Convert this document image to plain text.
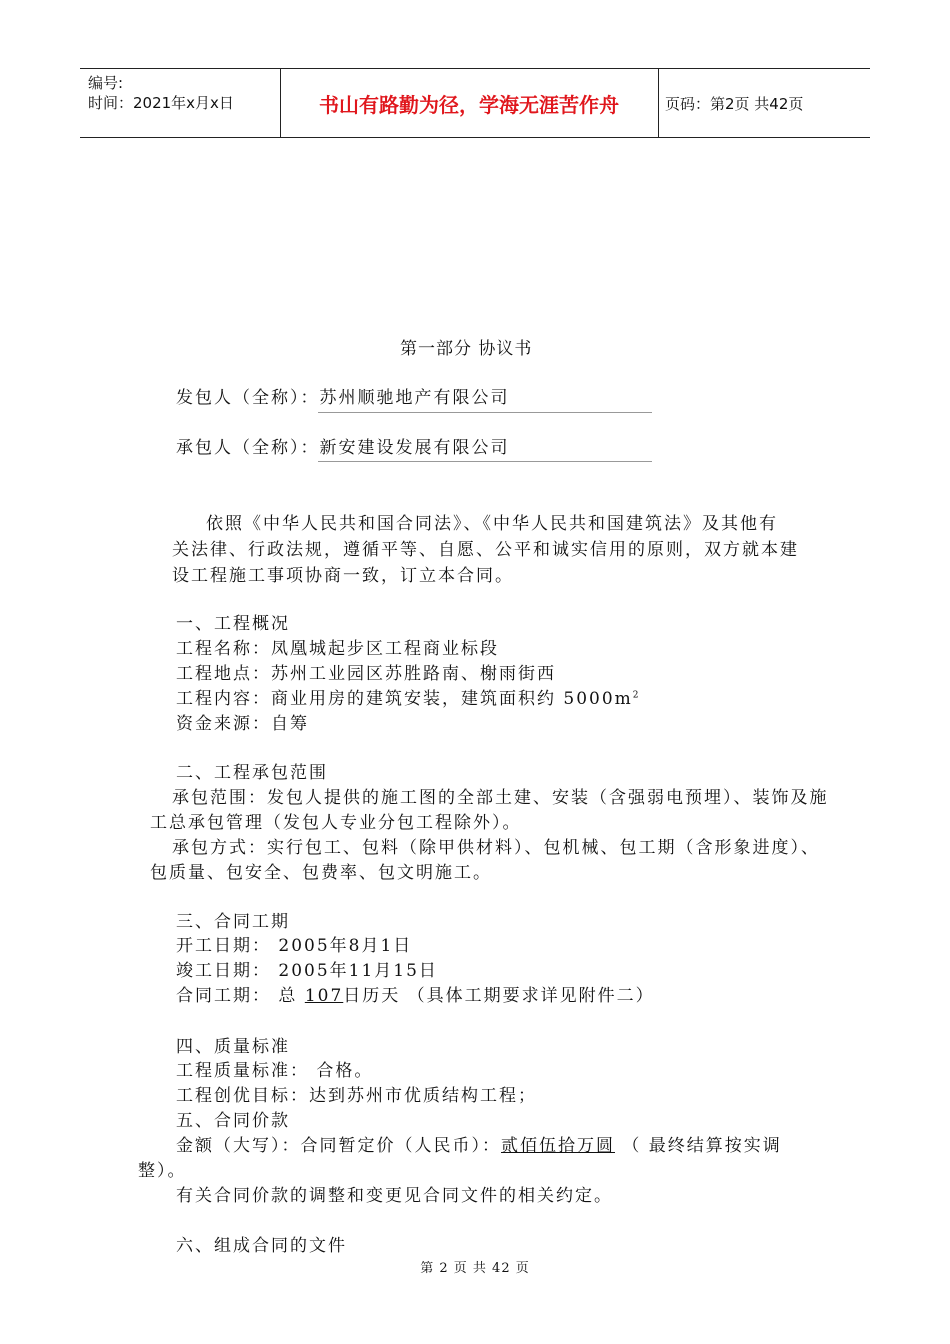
编号:
时间：2021年x月x日	书山有路勤为径，学海无涯苦作舟	页码：第2页 共42页
第一部分 协议书
发包人（全称）：苏州顺驰地产有限公司
承包人（全称）：新安建设发展有限公司
依照《中华人民共和国合同法》、《中华人民共和国建筑法》及其他有
关法律、行政法规，遵循平等、自愿、公平和诚实信用的原则，双方就本建
设工程施工事项协商一致，订立本合同。
一、工程概况
工程名称：凤凰城起步区工程商业标段
工程地点：苏州工业园区苏胜路南、榭雨街西
工程内容：商业用房的建筑安装，建筑面积约 $5000m^2$
资金来源：自筹
二、工程承包范围
承包范围：发包人提供的施工图的全部土建、安装（含强弱电预埋）、装饰及施
工总承包管理（发包人专业分包工程除外）。
承包方式：实行包工、包料（除甲供材料）、包机械、包工期（含形象进度）、
包质量、包安全、包费率、包文明施工。
三、合同工期
开工日期： 2005年8月1日
竣工日期： 2005年11月15日
合同工期： 总 107日历天 （具体工期要求详见附件二）
四、质量标准
工程质量标准： 合格。
工程创优目标：达到苏州市优质结构工程；
五、合同价款
金额（大写）：合同暂定价（人民币）：贰佰伍拾万圆 （ 最终结算按实调
整）。
有关合同价款的调整和变更见合同文件的相关约定。
六、组成合同的文件
第 2 页 共 42 页
